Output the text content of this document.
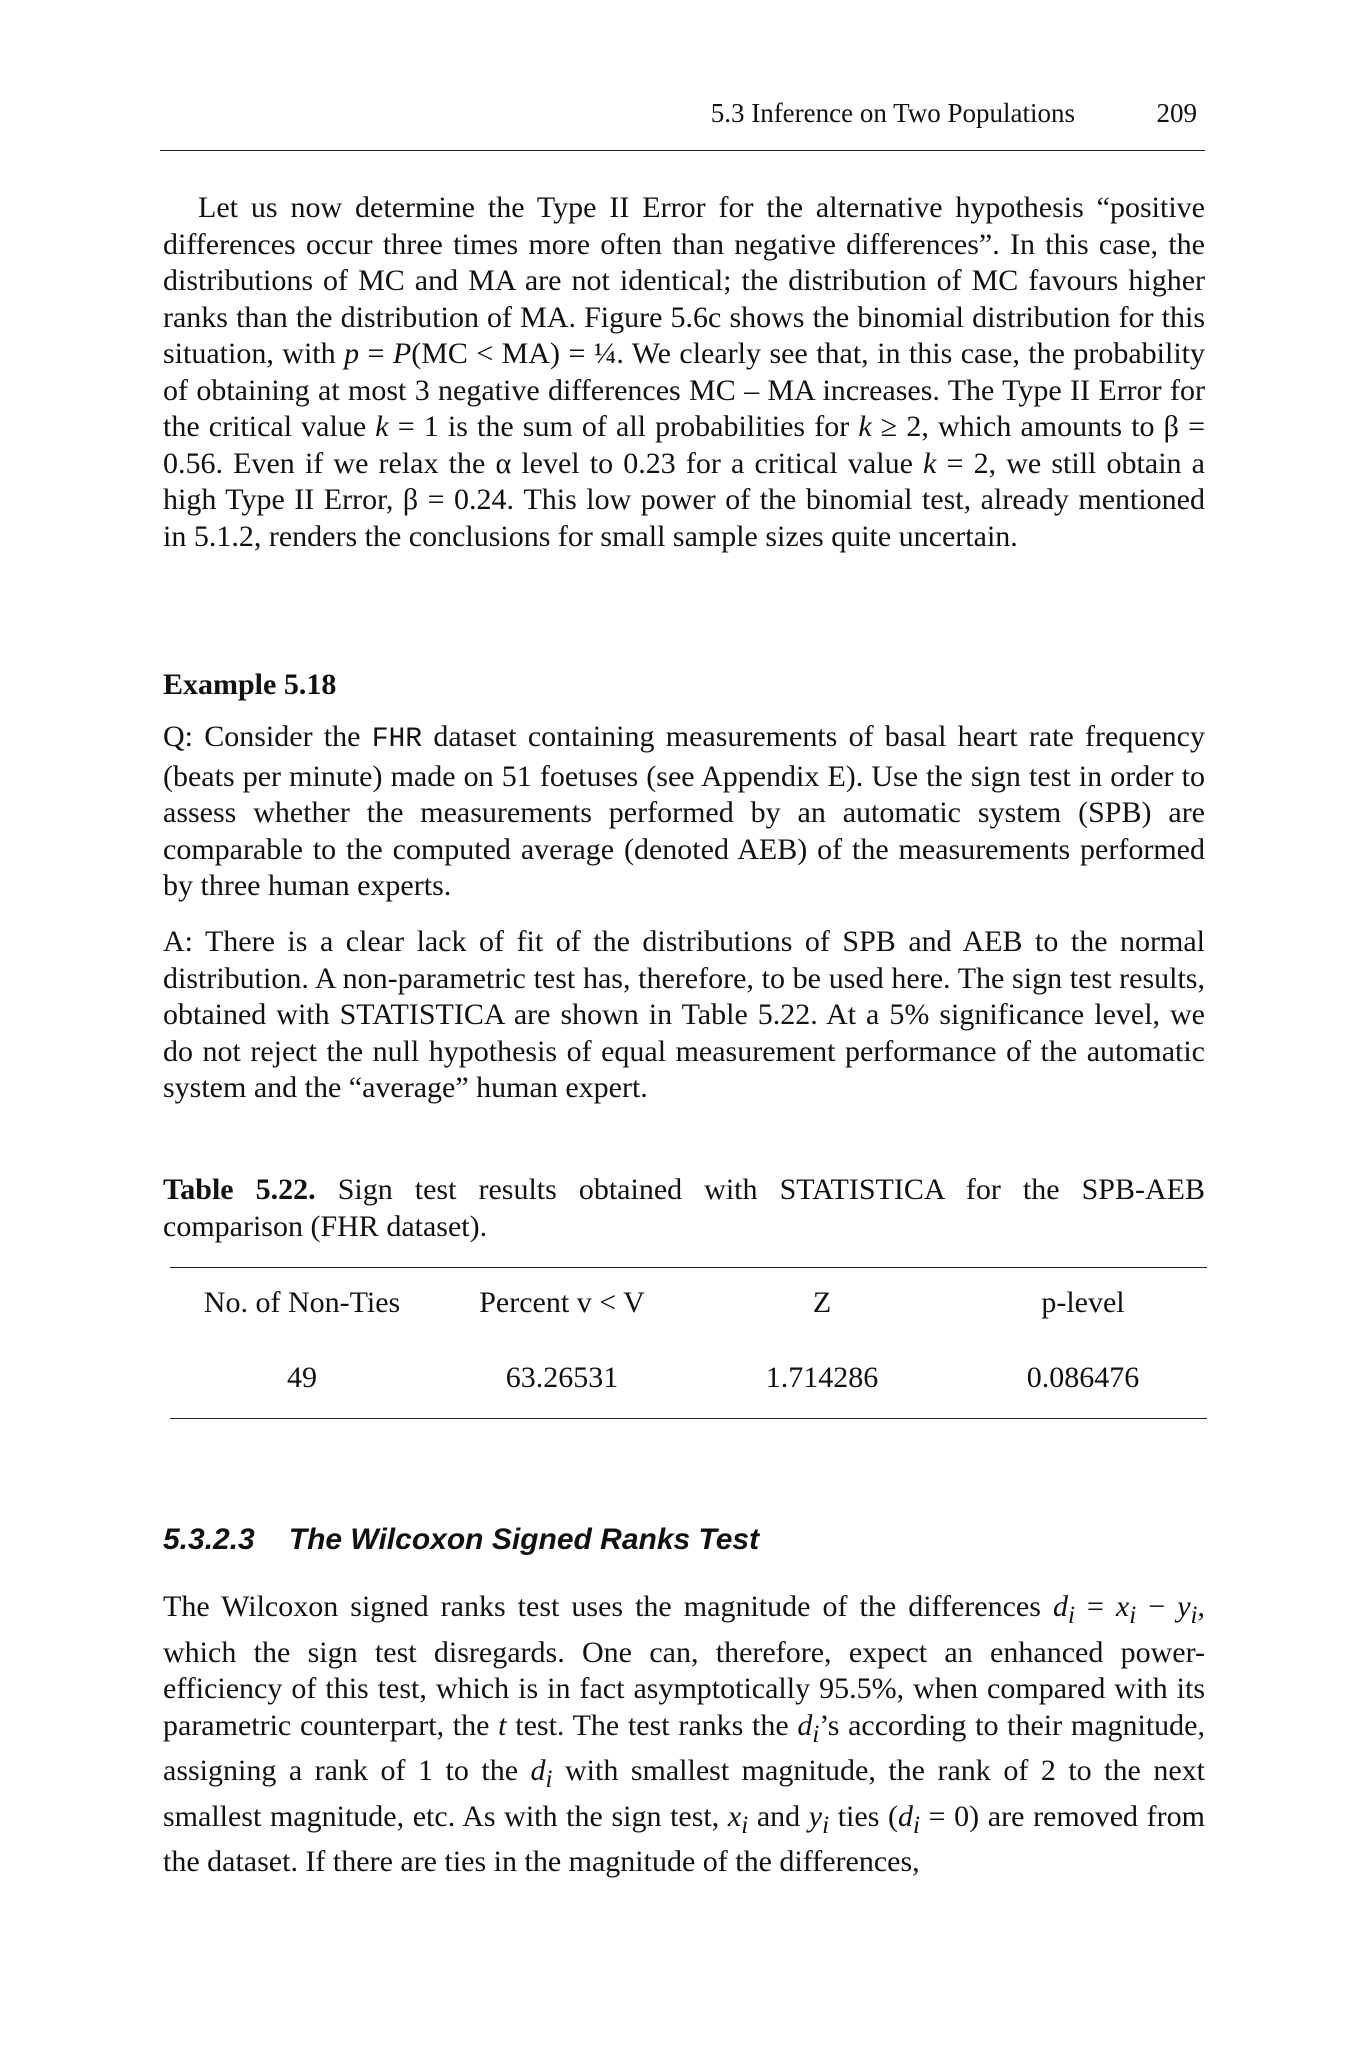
5.3 Inference on Two Populations	209
Let us now determine the Type II Error for the alternative hypothesis “positive differences occur three times more often than negative differences”. In this case, the distributions of MC and MA are not identical; the distribution of MC favours higher ranks than the distribution of MA. Figure 5.6c shows the binomial distribution for this situation, with p = P(MC < MA) = ¼. We clearly see that, in this case, the probability of obtaining at most 3 negative differences MC – MA increases. The Type II Error for the critical value k = 1 is the sum of all probabilities for k ≥ 2, which amounts to β = 0.56. Even if we relax the α level to 0.23 for a critical value k = 2, we still obtain a high Type II Error, β = 0.24. This low power of the binomial test, already mentioned in 5.1.2, renders the conclusions for small sample sizes quite uncertain.
Example 5.18
Q: Consider the FHR dataset containing measurements of basal heart rate frequency (beats per minute) made on 51 foetuses (see Appendix E). Use the sign test in order to assess whether the measurements performed by an automatic system (SPB) are comparable to the computed average (denoted AEB) of the measurements performed by three human experts.
A: There is a clear lack of fit of the distributions of SPB and AEB to the normal distribution. A non-parametric test has, therefore, to be used here. The sign test results, obtained with STATISTICA are shown in Table 5.22. At a 5% significance level, we do not reject the null hypothesis of equal measurement performance of the automatic system and the “average” human expert.
Table 5.22. Sign test results obtained with STATISTICA for the SPB-AEB comparison (FHR dataset).
No. of Non-Ties	Percent v < V	Z	p-level
49	63.26531	1.714286	0.086476
5.3.2.3 The Wilcoxon Signed Ranks Test
The Wilcoxon signed ranks test uses the magnitude of the differences $d_i = x_i - y_i$, which the sign test disregards. One can, therefore, expect an enhanced power-efficiency of this test, which is in fact asymptotically 95.5%, when compared with its parametric counterpart, the t test. The test ranks the $d_i’s$ according to their magnitude, assigning a rank of 1 to the $d_i$ with smallest magnitude, the rank of 2 to the next smallest magnitude, etc. As with the sign test, $x_i$ and $y_i$ ties $(d_i = 0)$ are removed from the dataset. If there are ties in the magnitude of the differences,
